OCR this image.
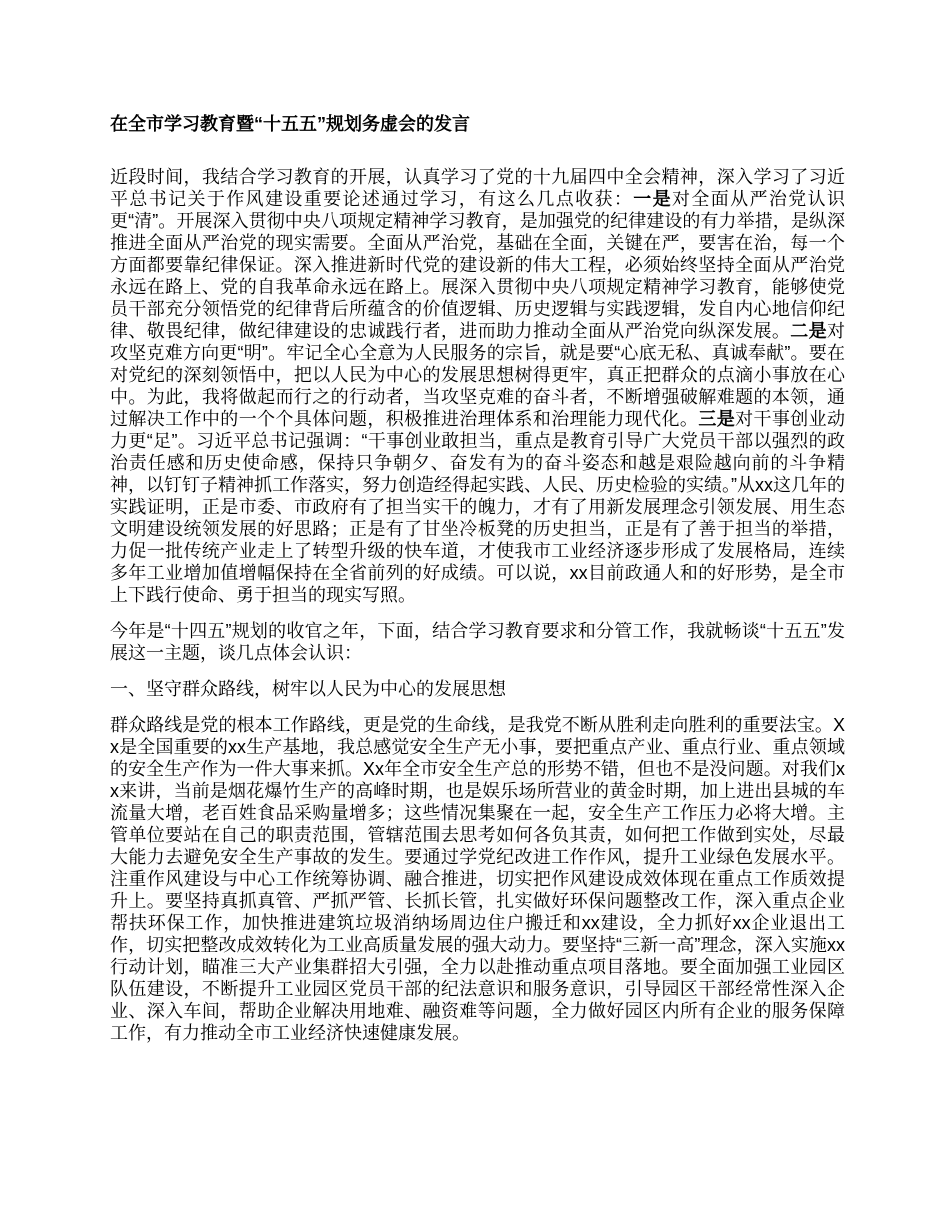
在全市学习教育暨“十五五”规划务虚会的发言

近段时间，我结合学习教育的开展，认真学习了党的十九届四中全会精神，深入学习了习近平总书记关于作风建设重要论述通过学习，有这么几点收获：一是对全面从严治党认识更“清”。开展深入贯彻中央八项规定精神学习教育，是加强党的纪律建设的有力举措，是纵深推进全面从严治党的现实需要。全面从严治党，基础在全面，关键在严，要害在治，每一个方面都要靠纪律保证。深入推进新时代党的建设新的伟大工程，必须始终坚持全面从严治党永远在路上、党的自我革命永远在路上。展深入贯彻中央八项规定精神学习教育，能够使党员干部充分领悟党的纪律背后所蕴含的价值逻辑、历史逻辑与实践逻辑，发自内心地信仰纪律、敬畏纪律，做纪律建设的忠诚践行者，进而助力推动全面从严治党向纵深发展。二是对攻坚克难方向更“明”。牢记全心全意为人民服务的宗旨，就是要“心底无私、真诚奉献”。要在对党纪的深刻领悟中，把以人民为中心的发展思想树得更牢，真正把群众的点滴小事放在心中。为此，我将做起而行之的行动者，当攻坚克难的奋斗者，不断增强破解难题的本领，通过解决工作中的一个个具体问题，积极推进治理体系和治理能力现代化。三是对干事创业动力更“足”。习近平总书记强调：“干事创业敢担当，重点是教育引导广大党员干部以强烈的政治责任感和历史使命感，保持只争朝夕、奋发有为的奋斗姿态和越是艰险越向前的斗争精神，以钉钉子精神抓工作落实，努力创造经得起实践、人民、历史检验的实绩。”从xx这几年的实践证明，正是市委、市政府有了担当实干的魄力，才有了用新发展理念引领发展、用生态文明建设统领发展的好思路；正是有了甘坐冷板凳的历史担当，正是有了善于担当的举措，力促一批传统产业走上了转型升级的快车道，才使我市工业经济逐步形成了发展格局，连续多年工业增加值增幅保持在全省前列的好成绩。可以说，xx目前政通人和的好形势，是全市上下践行使命、勇于担当的现实写照。

今年是“十四五”规划的收官之年，下面，结合学习教育要求和分管工作，我就畅谈“十五五”发展这一主题，谈几点体会认识：

一、坚守群众路线，树牢以人民为中心的发展思想

群众路线是党的根本工作路线，更是党的生命线，是我党不断从胜利走向胜利的重要法宝。Xx是全国重要的xx生产基地，我总感觉安全生产无小事，要把重点产业、重点行业、重点领域的安全生产作为一件大事来抓。Xx年全市安全生产总的形势不错，但也不是没问题。对我们xx来讲，当前是烟花爆竹生产的高峰时期，也是娱乐场所营业的黄金时期，加上进出县城的车流量大增，老百姓食品采购量增多；这些情况集聚在一起，安全生产工作压力必将大增。主管单位要站在自己的职责范围，管辖范围去思考如何各负其责，如何把工作做到实处，尽最大能力去避免安全生产事故的发生。要通过学党纪改进工作作风，提升工业绿色发展水平。注重作风建设与中心工作统筹协调、融合推进，切实把作风建设成效体现在重点工作质效提升上。要坚持真抓真管、严抓严管、长抓长管，扎实做好环保问题整改工作，深入重点企业帮扶环保工作，加快推进建筑垃圾消纳场周边住户搬迁和xx建设，全力抓好xx企业退出工作，切实把整改成效转化为工业高质量发展的强大动力。要坚持“三新一高”理念，深入实施xx行动计划，瞄准三大产业集群招大引强，全力以赴推动重点项目落地。要全面加强工业园区队伍建设，不断提升工业园区党员干部的纪法意识和服务意识，引导园区干部经常性深入企业、深入车间，帮助企业解决用地难、融资难等问题，全力做好园区内所有企业的服务保障工作，有力推动全市工业经济快速健康发展。
